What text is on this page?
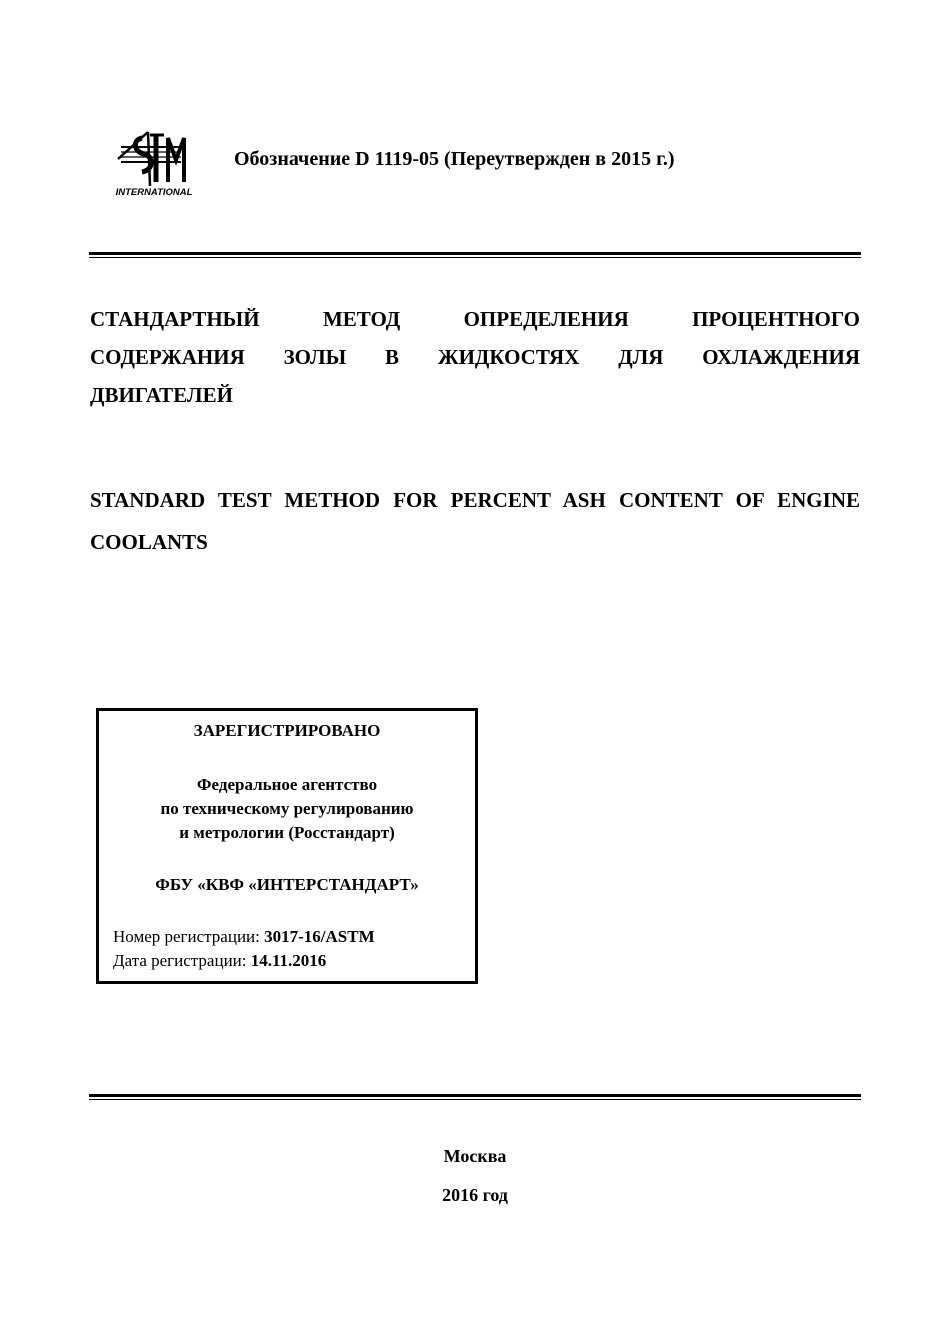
INTERNATIONAL
Обозначение D 1119-05 (Переутвержден в 2015 г.)
СТАНДАРТНЫЙ МЕТОД ОПРЕДЕЛЕНИЯ ПРОЦЕНТНОГО СОДЕРЖАНИЯ ЗОЛЫ В ЖИДКОСТЯХ ДЛЯ ОХЛАЖДЕНИЯ ДВИГАТЕЛЕЙ
STANDARD TEST METHOD FOR PERCENT ASH CONTENT OF ENGINE COOLANTS
ЗАРЕГИСТРИРОВАНО
Федеральное агентство
по техническому регулированию
и метрологии (Росстандарт)
ФБУ «КВФ «ИНТЕРСТАНДАРТ»
Номер регистрации: 3017-16/ASTM
Дата регистрации: 14.11.2016
Москва
2016 год
